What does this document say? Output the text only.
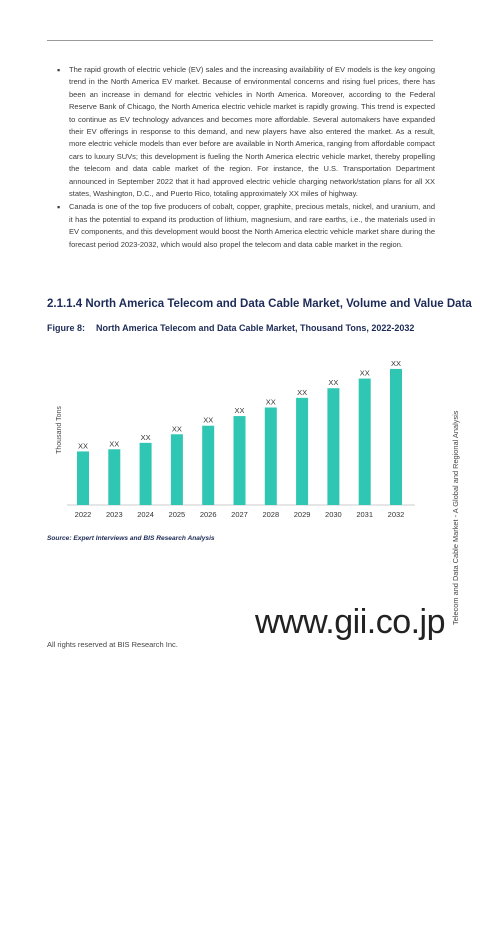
▪ The rapid growth of electric vehicle (EV) sales and the increasing availability of EV models is the key ongoing trend in the North America EV market. Because of environmental concerns and rising fuel prices, there has been an increase in demand for electric vehicles in North America. Moreover, according to the Federal Reserve Bank of Chicago, the North America electric vehicle market is rapidly growing. This trend is expected to continue as EV technology advances and becomes more affordable. Several automakers have expanded their EV offerings in response to this demand, and new players have also entered the market. As a result, more electric vehicle models than ever before are available in North America, ranging from affordable compact cars to luxury SUVs; this development is fueling the North America electric vehicle market, thereby propelling the telecom and data cable market of the region. For instance, the U.S. Transportation Department announced in September 2022 that it had approved electric vehicle charging network/station plans for all XX states, Washington, D.C., and Puerto Rico, totaling approximately XX miles of highway.
▪ Canada is one of the top five producers of cobalt, copper, graphite, precious metals, nickel, and uranium, and it has the potential to expand its production of lithium, magnesium, and rare earths, i.e., the materials used in EV components, and this development would boost the North America electric vehicle market share during the forecast period 2023-2032, which would also propel the telecom and data cable market in the region.
2.1.1.4 North America Telecom and Data Cable Market, Volume and Value Data
Figure 8: North America Telecom and Data Cable Market, Thousand Tons, 2022-2032
Thousand Tons XX
2022
XX
2023
XX
2024
XX
2025
XX
2026
XX
2027
XX
2028
XX
2029
XX
2030
XX
2031
XX
2032
Source: Expert Interviews and BIS Research Analysis
www.gii.co.jp
All rights reserved at BIS Research Inc.
Telecom and Data Cable Market - A Global and Regional Analysis
